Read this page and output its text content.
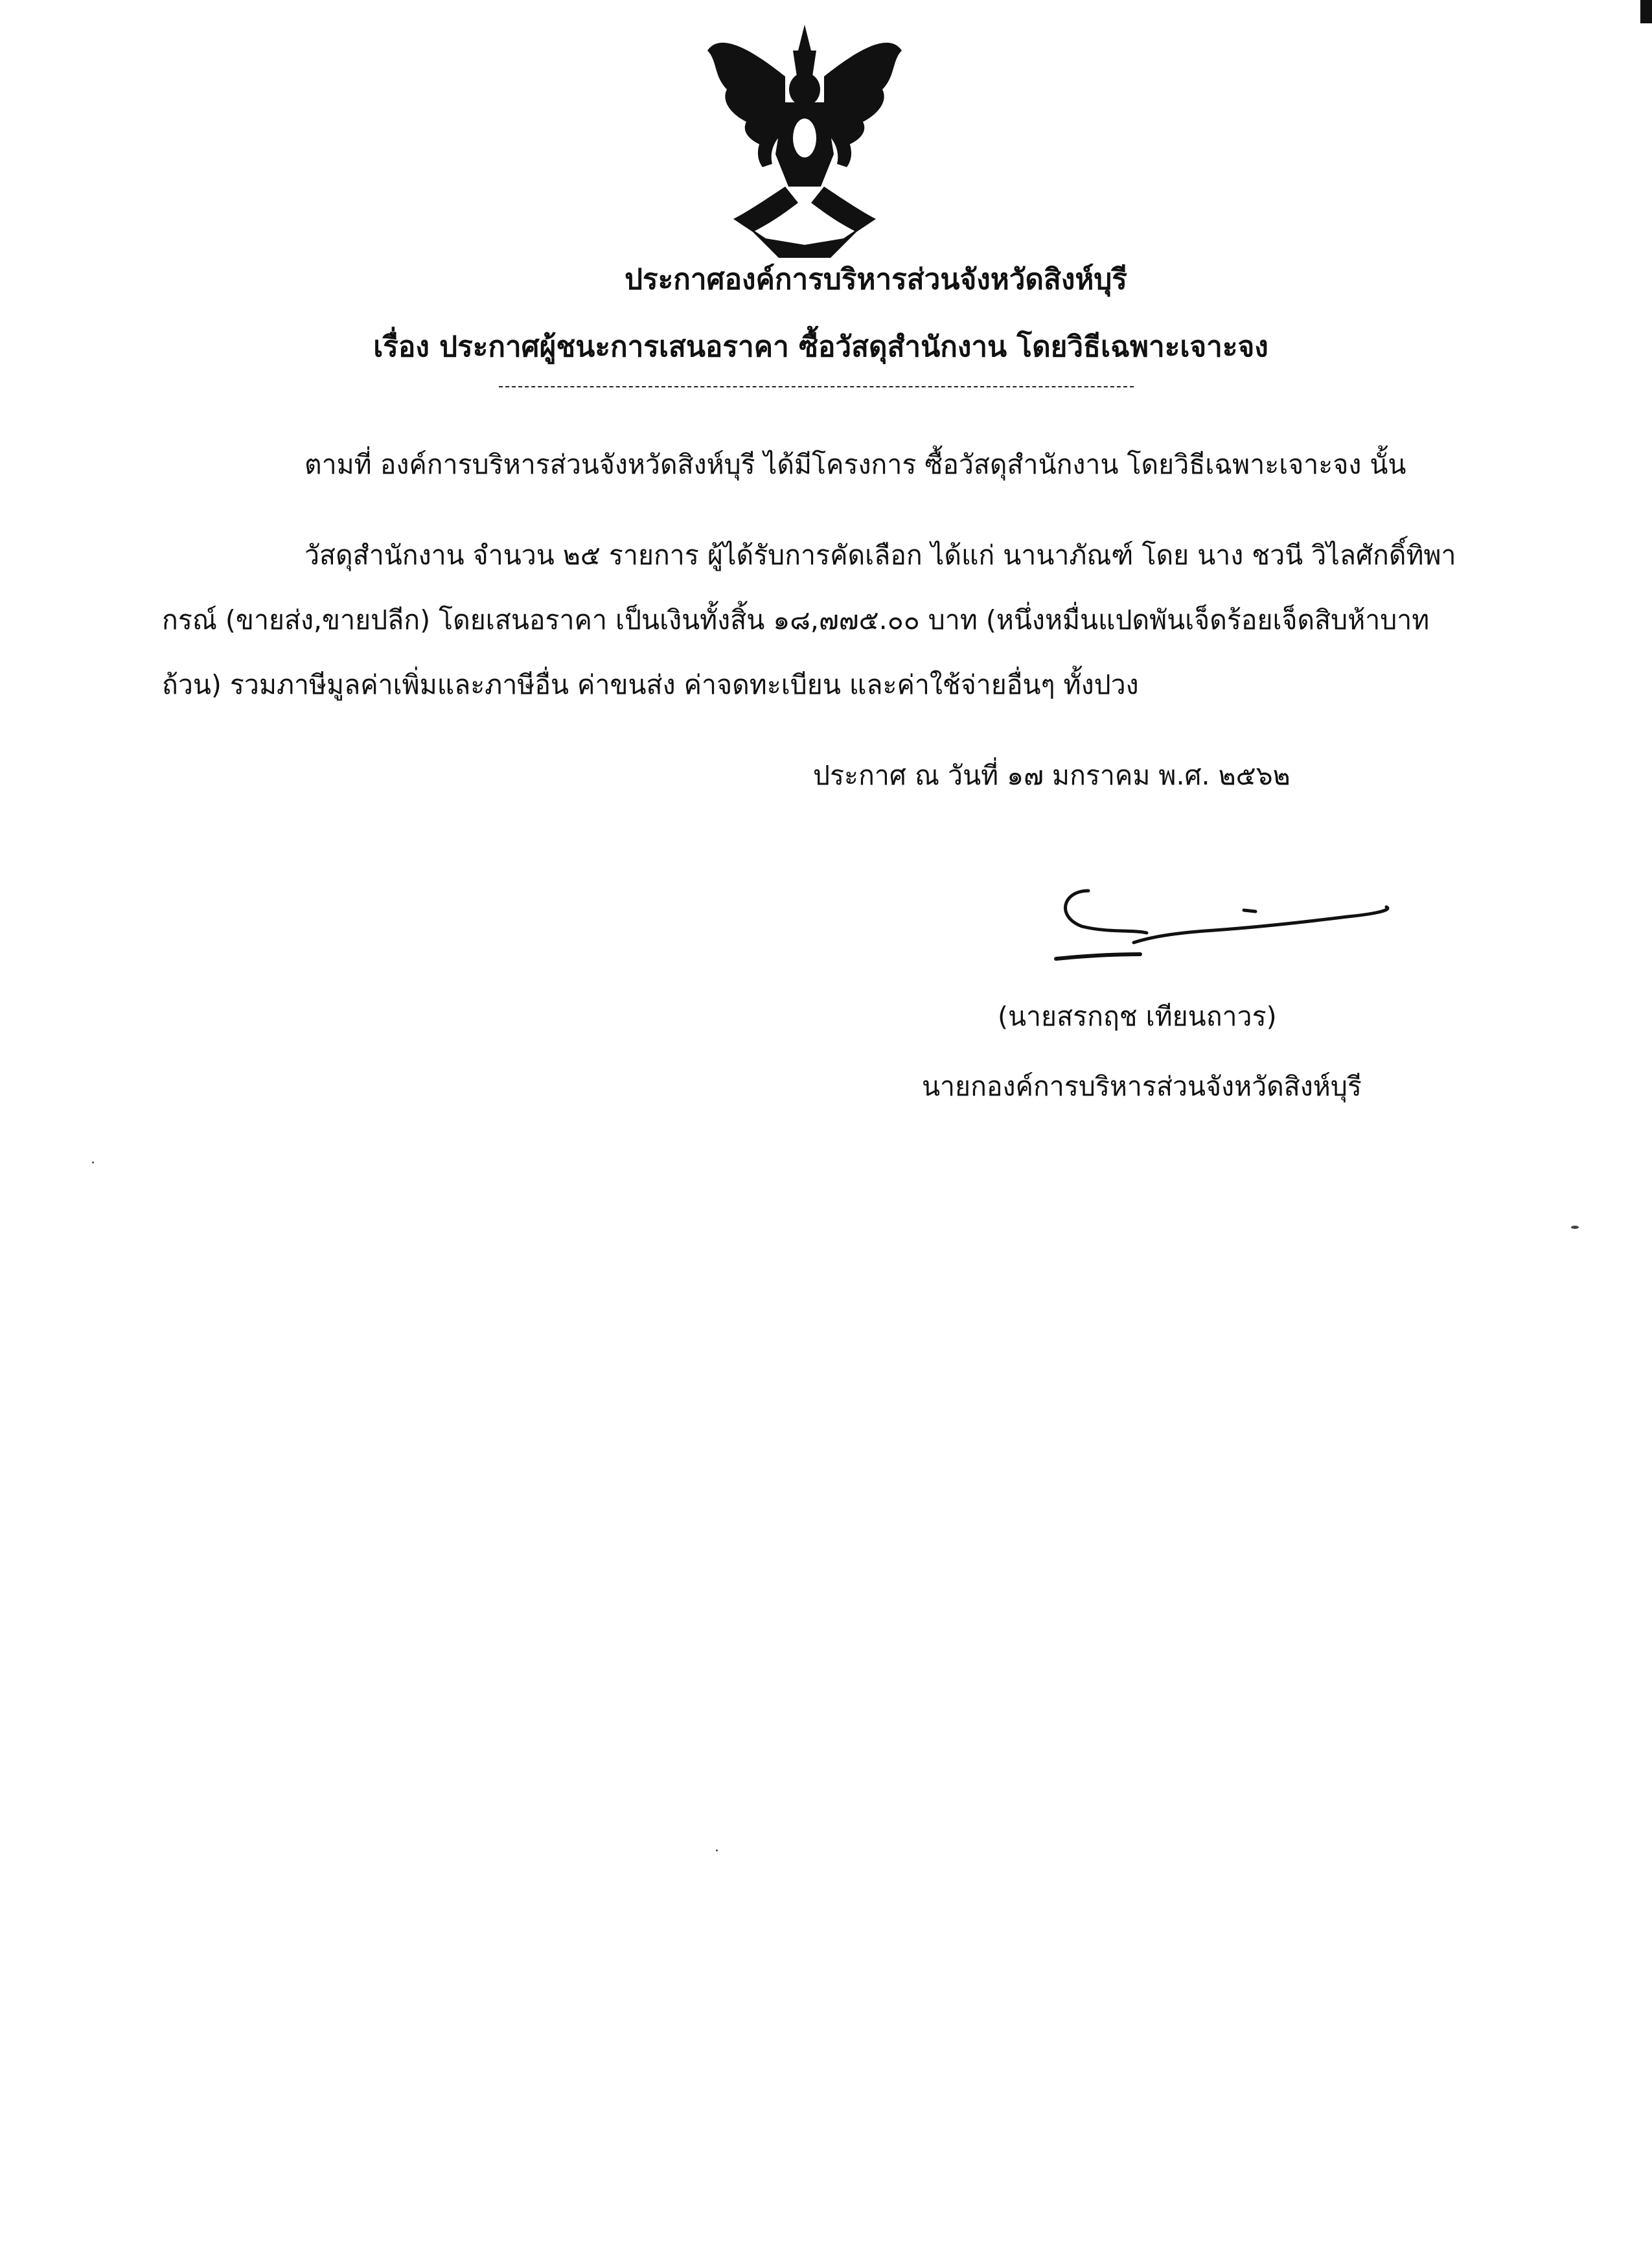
ประกาศองค์การบริหารส่วนจังหวัดสิงห์บุรี
เรื่อง ประกาศผู้ชนะการเสนอราคา ซื้อวัสดุสำนักงาน โดยวิธีเฉพาะเจาะจง
ตามที่ องค์การบริหารส่วนจังหวัดสิงห์บุรี ได้มีโครงการ ซื้อวัสดุสำนักงาน โดยวิธีเฉพาะเจาะจง นั้น
วัสดุสำนักงาน จำนวน ๒๕ รายการ ผู้ได้รับการคัดเลือก ได้แก่ นานาภัณฑ์ โดย นาง ชวนี วิไลศักดิ์ทิพา
กรณ์ (ขายส่ง,ขายปลีก) โดยเสนอราคา เป็นเงินทั้งสิ้น ๑๘,๗๗๕.๐๐ บาท (หนึ่งหมื่นแปดพันเจ็ดร้อยเจ็ดสิบห้าบาท
ถ้วน) รวมภาษีมูลค่าเพิ่มและภาษีอื่น ค่าขนส่ง ค่าจดทะเบียน และค่าใช้จ่ายอื่นๆ ทั้งปวง
ประกาศ ณ วันที่ ๑๗ มกราคม พ.ศ. ๒๕๖๒
(นายสรกฤช เทียนถาวร)
นายกองค์การบริหารส่วนจังหวัดสิงห์บุรี
